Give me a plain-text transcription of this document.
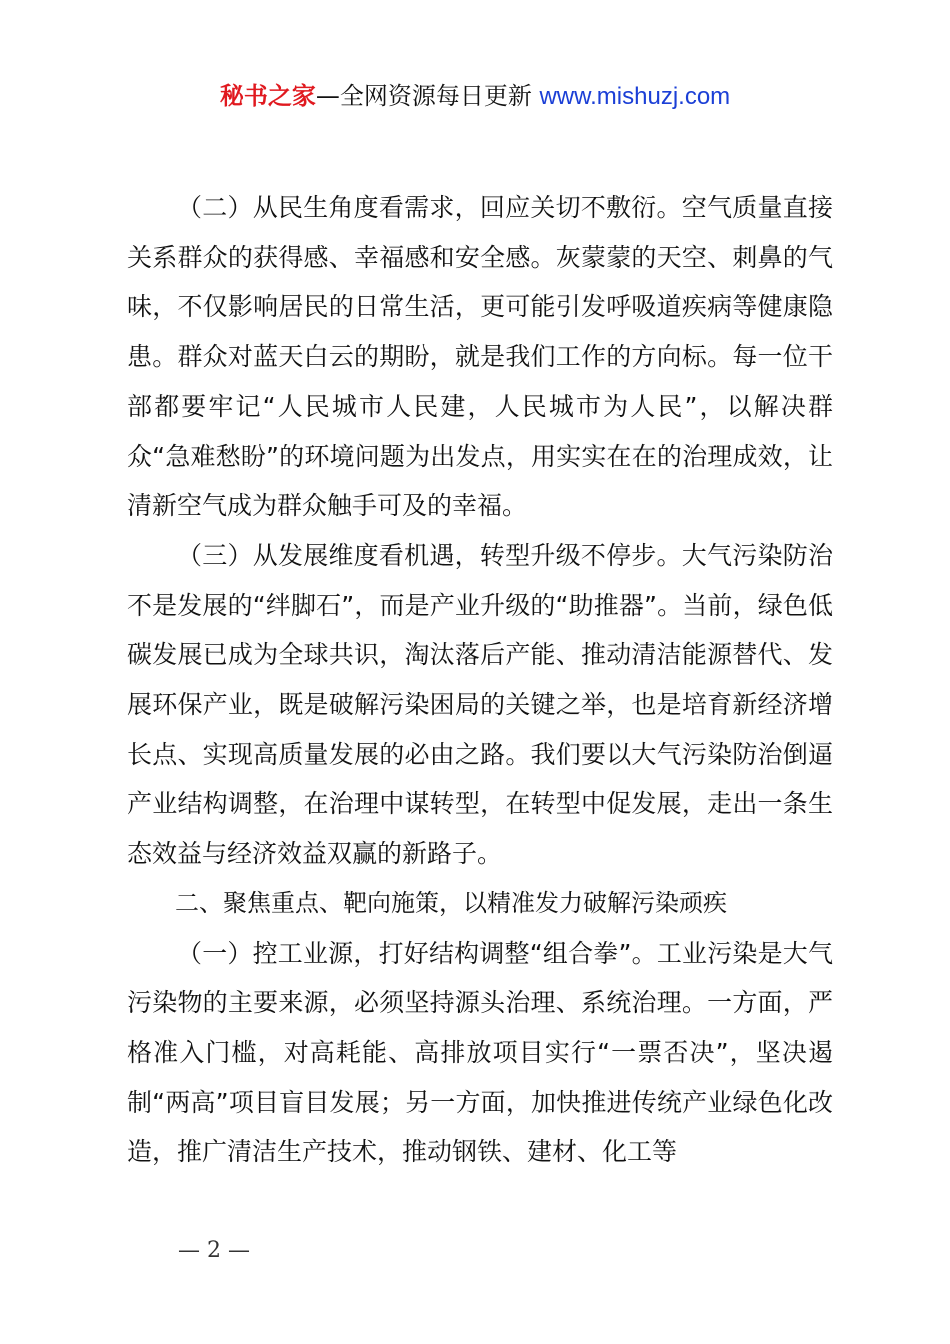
秘书之家—全网资源每日更新 www.mishuzj.com

（二）从民生角度看需求，回应关切不敷衍。空气质量直接关系群众的获得感、幸福感和安全感。灰蒙蒙的天空、刺鼻的气味，不仅影响居民的日常生活，更可能引发呼吸道疾病等健康隐患。群众对蓝天白云的期盼，就是我们工作的方向标。每一位干部都要牢记“人民城市人民建，人民城市为人民”，以解决群众“急难愁盼”的环境问题为出发点，用实实在在的治理成效，让清新空气成为群众触手可及的幸福。

（三）从发展维度看机遇，转型升级不停步。大气污染防治不是发展的“绊脚石”，而是产业升级的“助推器”。当前，绿色低碳发展已成为全球共识，淘汰落后产能、推动清洁能源替代、发展环保产业，既是破解污染困局的关键之举，也是培育新经济增长点、实现高质量发展的必由之路。我们要以大气污染防治倒逼产业结构调整，在治理中谋转型，在转型中促发展，走出一条生态效益与经济效益双赢的新路子。

二、聚焦重点、靶向施策，以精准发力破解污染顽疾

（一）控工业源，打好结构调整“组合拳”。工业污染是大气污染物的主要来源，必须坚持源头治理、系统治理。一方面，严格准入门槛，对高耗能、高排放项目实行“一票否决”，坚决遏制“两高”项目盲目发展；另一方面，加快推进传统产业绿色化改造，推广清洁生产技术，推动钢铁、建材、化工等

— 2 —
